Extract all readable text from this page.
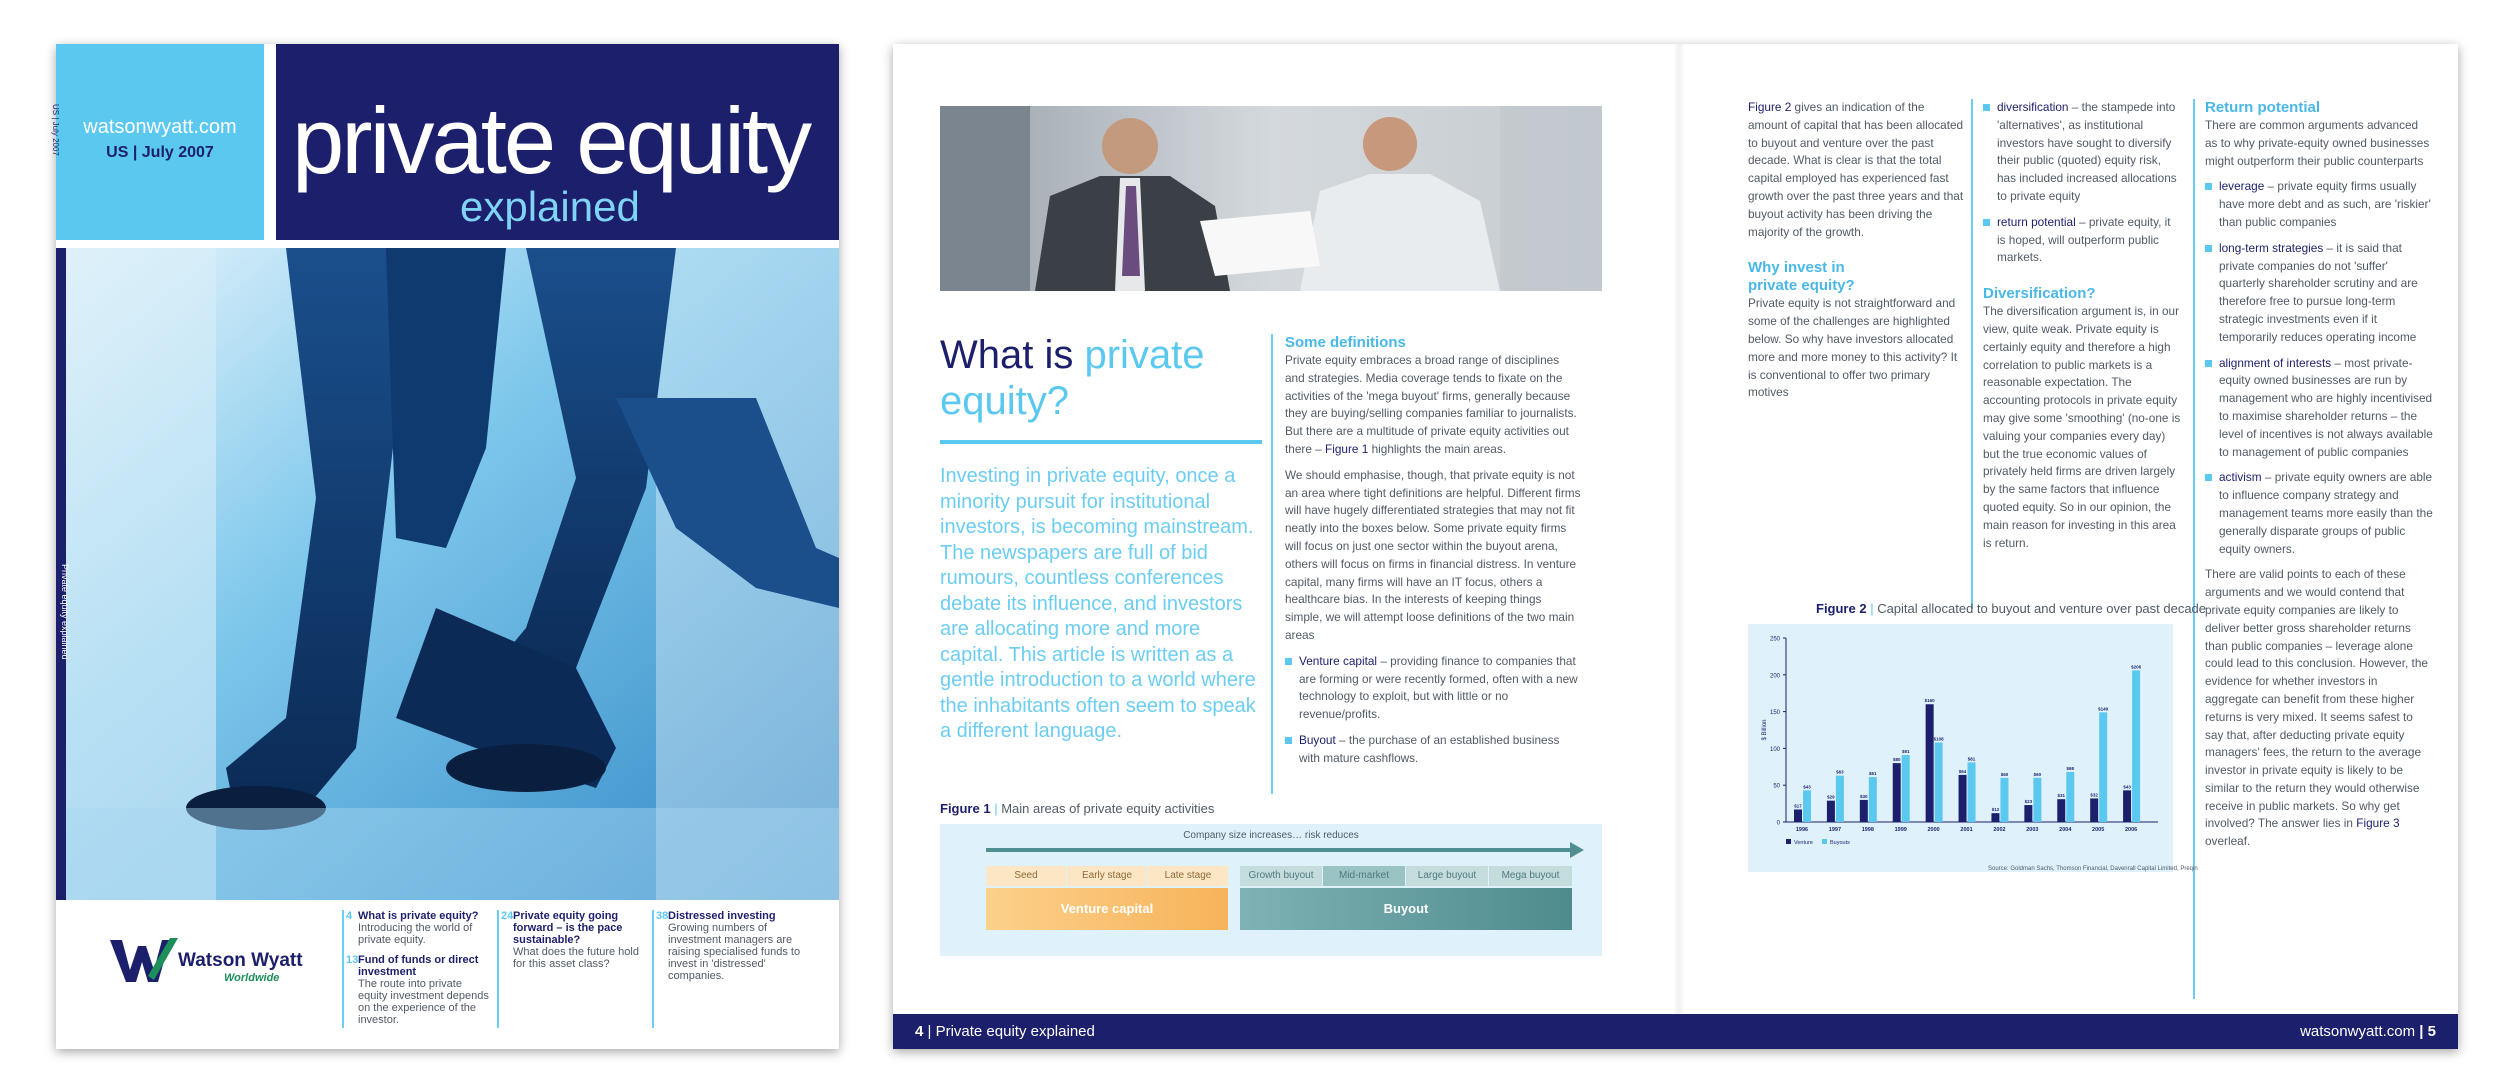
US | July 2007	watsonwyatt.com
US | July 2007 private equity
explained
Private equity explained
Watson Wyatt
Worldwide
4 What is private equity?
Introducing the world of private equity.
13 Fund of funds or direct investment
The route into private equity investment depends on the experience of the investor.
24 Private equity going forward – is the pace sustainable?
What does the future hold for this asset class?
38 Distressed investing
Growing numbers of investment managers are raising specialised funds to invest in 'distressed' companies.
What is private
equity?
Investing in private equity, once a minority pursuit for institutional investors, is becoming mainstream. The newspapers are full of bid rumours, countless conferences debate its influence, and investors are allocating more and more capital. This article is written as a gentle introduction to a world where the inhabitants often seem to speak a different language.
Some definitions

Private equity embraces a broad range of disciplines and strategies. Media coverage tends to fixate on the activities of the 'mega buyout' firms, generally because they are buying/selling companies familiar to journalists. But there are a multitude of private equity activities out there – Figure 1 highlights the main areas.

We should emphasise, though, that private equity is not an area where tight definitions are helpful. Different firms will have hugely differentiated strategies that may not fit neatly into the boxes below. Some private equity firms will focus on just one sector within the buyout arena, others will focus on firms in financial distress. In venture capital, many firms will have an IT focus, others a healthcare bias. In the interests of keeping things simple, we will attempt loose definitions of the two main areas

Venture capital – providing finance to companies that are forming or were recently formed, often with a new technology to exploit, but with little or no revenue/profits.
Buyout – the purchase of an established business with mature cashflows.
Figure 1 | Main areas of private equity activities
Company size increases… risk reduces
Seed	Early stage	Late stage	Growth buyout	Mid-market	Large buyout	Mega buyout
Venture capital	Buyout

Figure 2 gives an indication of the amount of capital that has been allocated to buyout and venture over the past decade. What is clear is that the total capital employed has experienced fast growth over the past three years and that buyout activity has been driving the majority of the growth.

Why invest in private equity?

Private equity is not straightforward and some of the challenges are highlighted below. So why have investors allocated more and more money to this activity? It is conventional to offer two primary motives

diversification – the stampede into 'alternatives', as institutional investors have sought to diversify their public (quoted) equity risk, has included increased allocations to private equity
return potential – private equity, it is hoped, will outperform public markets.
Diversification?

The diversification argument is, in our view, quite weak. Private equity is certainly equity and therefore a high correlation to public markets is a reasonable expectation. The accounting protocols in private equity may give some 'smoothing' (no-one is valuing your companies every day) but the true economic values of privately held firms are driven largely by the same factors that influence quoted equity. So in our opinion, the main reason for investing in this area is return.

Return potential

There are common arguments advanced as to why private-equity owned businesses might outperform their public counterparts

leverage – private equity firms usually have more debt and as such, are 'riskier' than public companies
long-term strategies – it is said that private companies do not 'suffer' quarterly shareholder scrutiny and are therefore free to pursue long-term strategic investments even if it temporarily reduces operating income
alignment of interests – most private-equity owned businesses are run by management who are highly incentivised to maximise shareholder returns – the level of incentives is not always available to management of public companies
activism – private equity owners are able to influence company strategy and management teams more easily than the generally disparate groups of public equity owners.

There are valid points to each of these arguments and we would contend that private equity companies are likely to deliver better gross shareholder returns than public companies – leverage alone could lead to this conclusion. However, the evidence for whether investors in aggregate can benefit from these higher returns is very mixed. It seems safest to say that, after deducting private equity managers' fees, the return to the average investor in private equity is likely to be similar to the return they would otherwise receive in public markets. So why get involved? The answer lies in Figure 3 overleaf.

Figure 2 | Capital allocated to buyout and venture over past decade
0
50
100
150
200
250
$ Billion
$17
$43
1996
$29
$63
1997
$30
$61
1998
$80
$91
1999
$160
$108
2000
$64
$81
2001
$12
$60
2002
$23
$60
2003
$31
$68
2004
$32
$149
2005
$43
$206
2006
Venture	Buyouts
Source: Goldman Sachs, Thomson Financial, Davenrall Capital Limited, Preqin
4 | Private equity explained	watsonwyatt.com | 5
